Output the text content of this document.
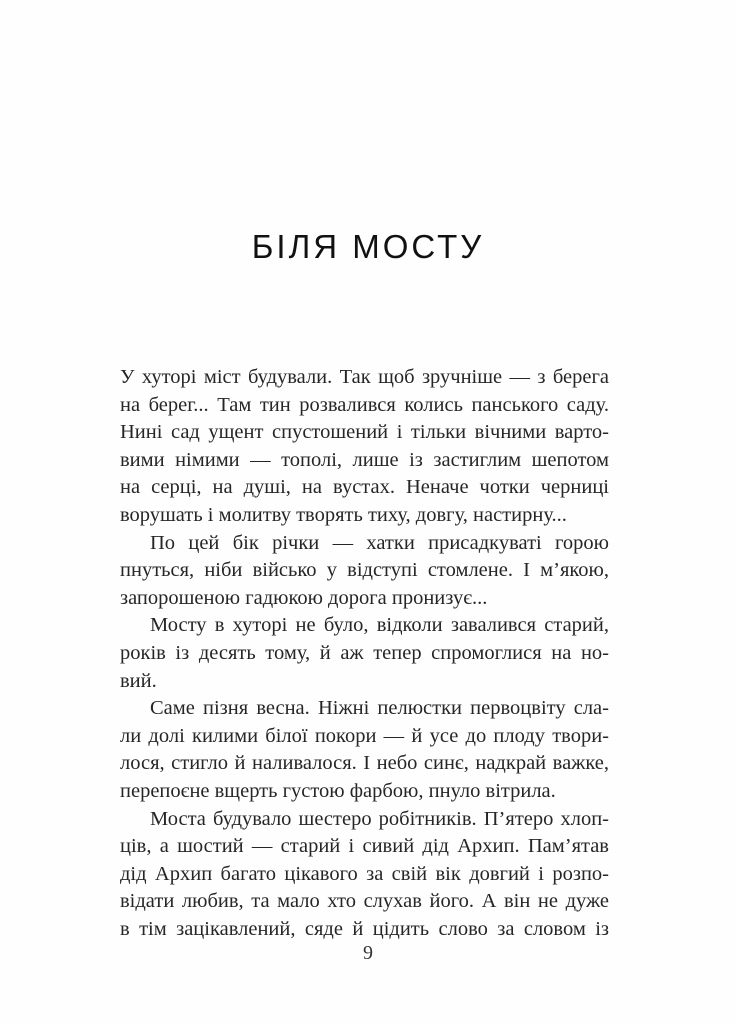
БІЛЯ МОСТУ
У хуторі міст будували. Так щоб зручніше — з берега
на берег... Там тин розвалився колись панського саду.
Нині сад ущент спустошений і тільки вічними варто-
вими німими — тополі, лише із застиглим шепотом
на серці, на душі, на вустах. Неначе чотки черниці
ворушать і молитву творять тиху, довгу, настирну...
По цей бік річки — хатки присадкуваті горою
пнуться, ніби військо у відступі стомлене. І м’якою,
запорошеною гадюкою дорога пронизує...
Мосту в хуторі не було, відколи завалився старий,
років із десять тому, й аж тепер спромоглися на но-
вий.
Саме пізня весна. Ніжні пелюстки первоцвіту сла-
ли долі килими білої покори — й усе до плоду твори-
лося, стигло й наливалося. І небо синє, надкрай важке,
перепоєне вщерть густою фарбою, пнуло вітрила.
Моста будувало шестеро робітників. П’ятеро хлоп-
ців, а шостий — старий і сивий дід Архип. Пам’ятав
дід Архип багато цікавого за свій вік довгий і розпо-
відати любив, та мало хто слухав його. А він не дуже
в тім зацікавлений, сяде й цідить слово за словом із
9
